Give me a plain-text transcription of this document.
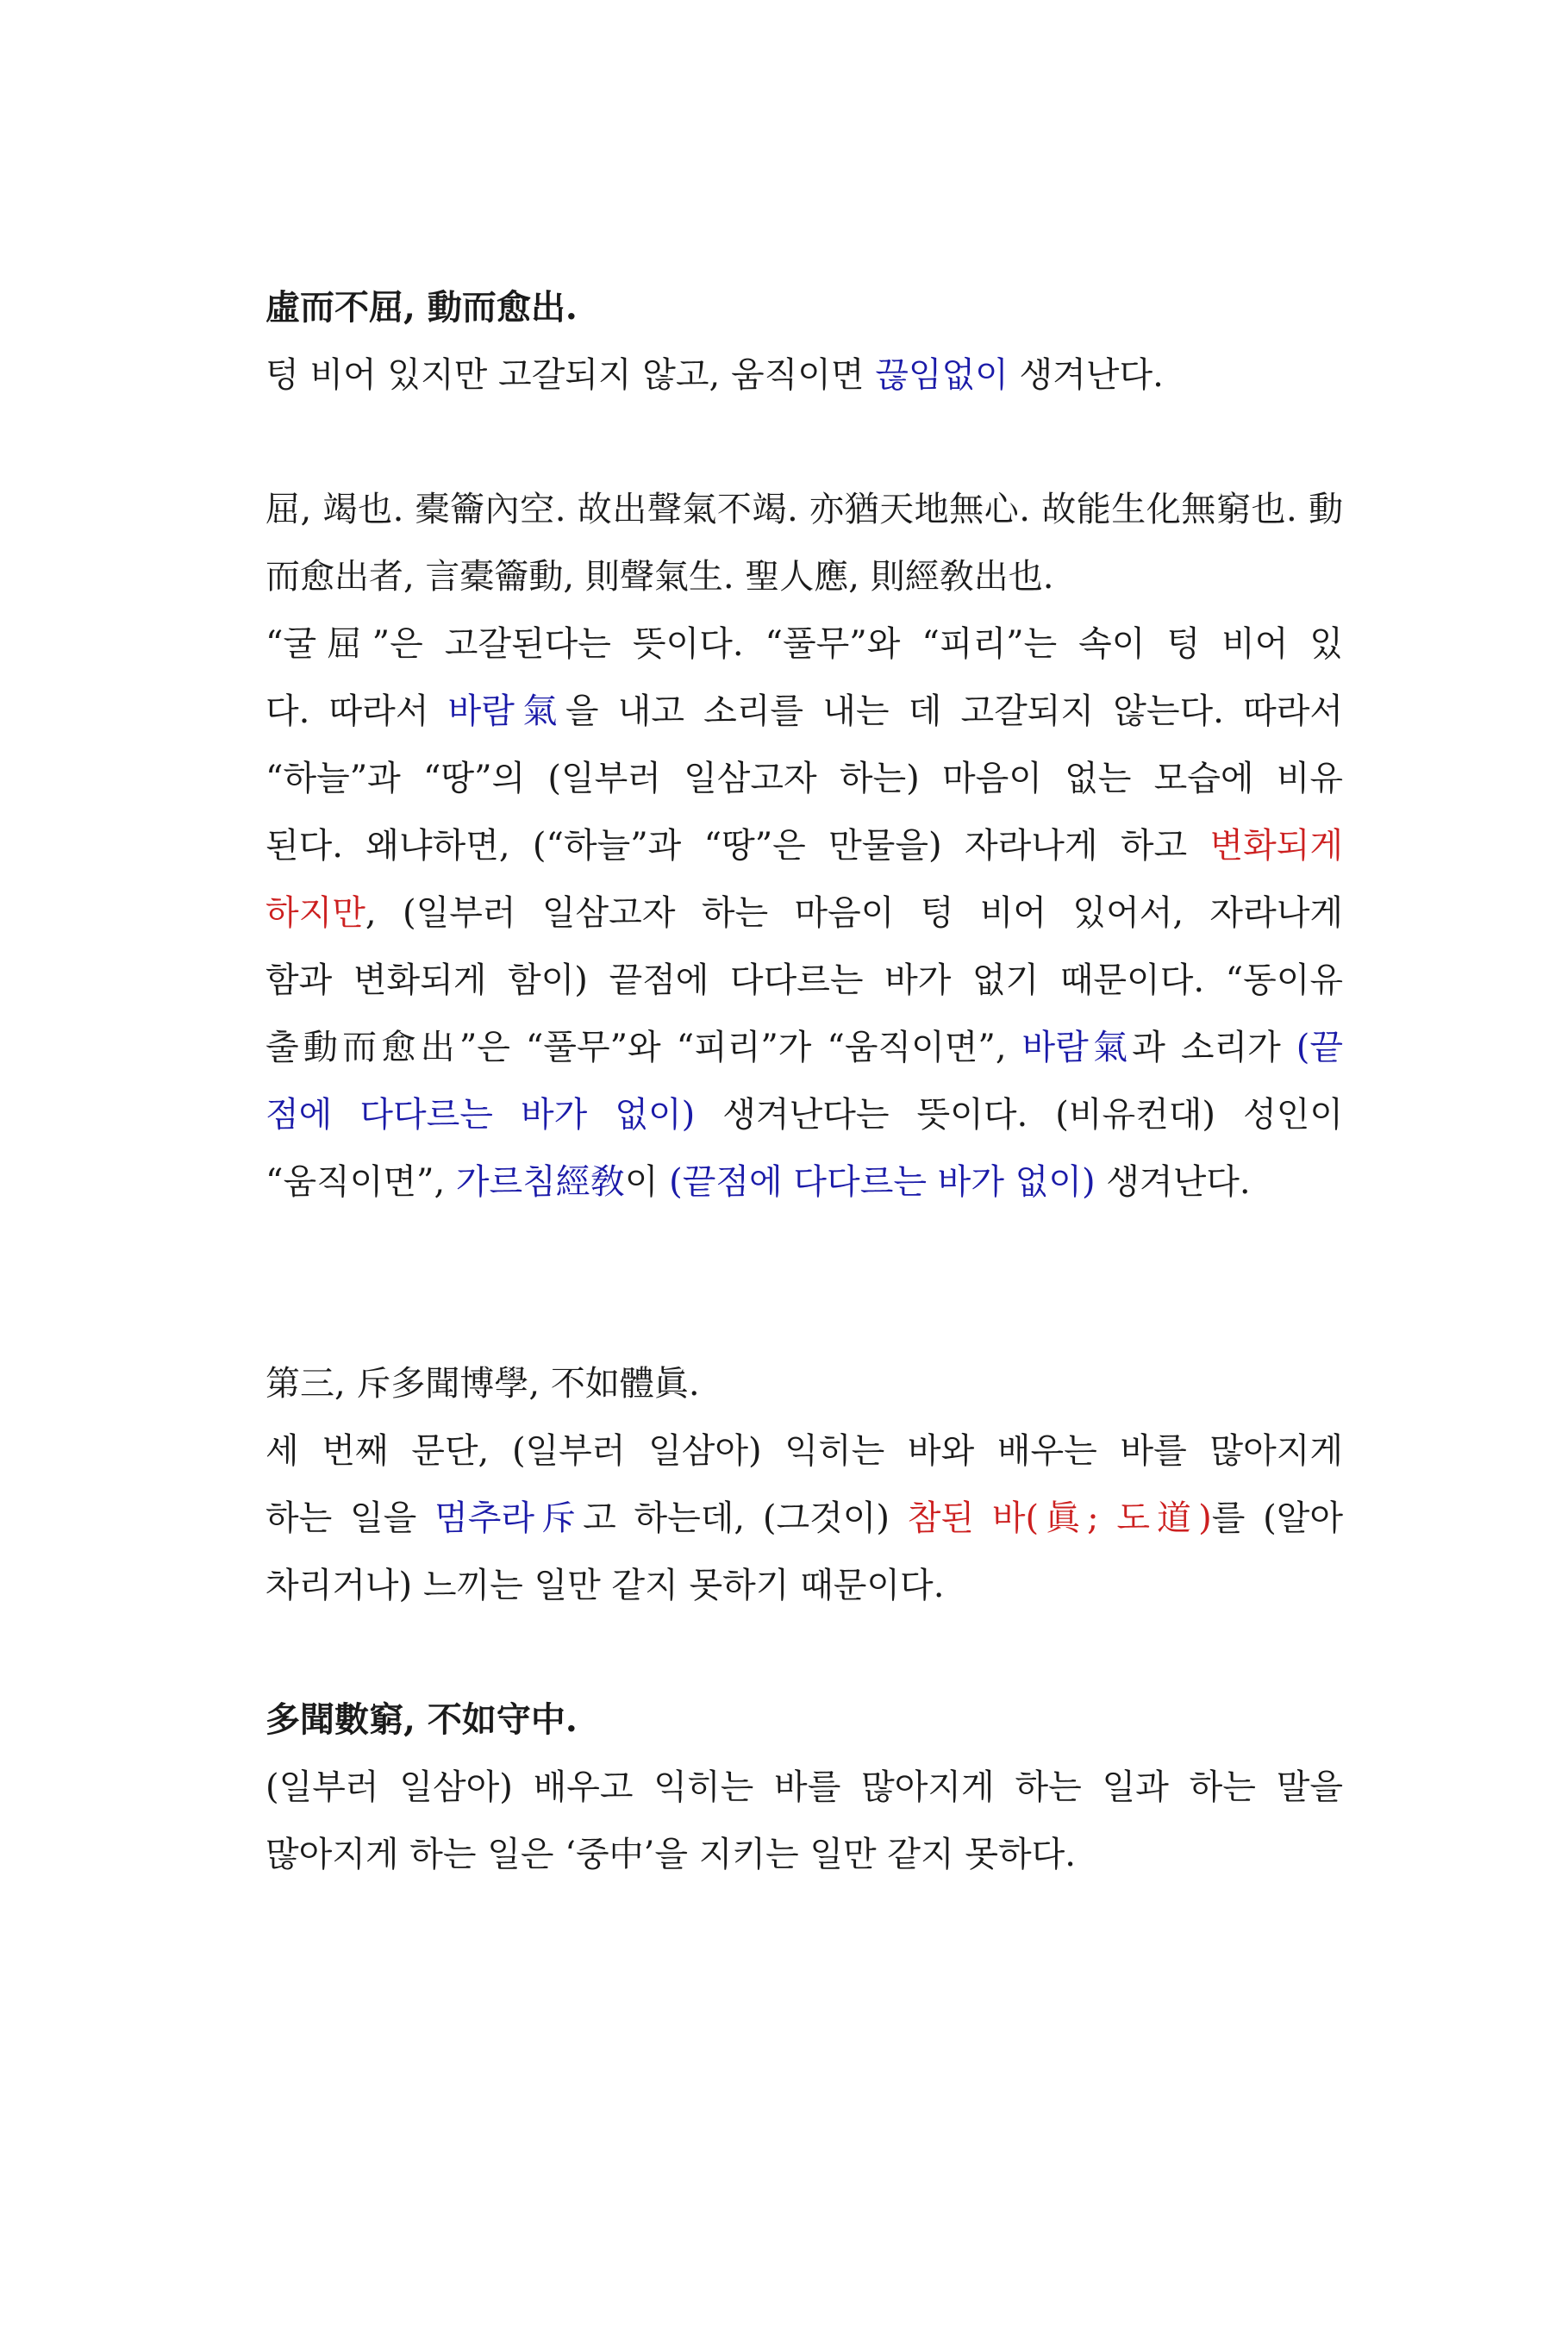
虛而不屈, 動而愈出.
텅 비어 있지만 고갈되지 않고, 움직이면 끊임없이 생겨난다.
屈, 竭也. 橐籥內空. 故出聲氣不竭. 亦猶天地無心. 故能生化無窮也. 動
而愈出者, 言橐籥動, 則聲氣生. 聖人應, 則經敎出也.
“굴屈”은 고갈된다는 뜻이다. “풀무”와 “피리”는 속이 텅 비어 있
다. 따라서 바람氣을 내고 소리를 내는 데 고갈되지 않는다. 따라서
“하늘”과 “땅”의 (일부러 일삼고자 하는) 마음이 없는 모습에 비유
된다. 왜냐하면, (“하늘”과 “땅”은 만물을) 자라나게 하고 변화되게
하지만, (일부러 일삼고자 하는 마음이 텅 비어 있어서, 자라나게
함과 변화되게 함이) 끝점에 다다르는 바가 없기 때문이다. “동이유
출動而愈出”은 “풀무”와 “피리”가 “움직이면”, 바람氣과 소리가 (끝
점에 다다르는 바가 없이) 생겨난다는 뜻이다. (비유컨대) 성인이
“움직이면”, 가르침經敎이 (끝점에 다다르는 바가 없이) 생겨난다.
第三, 斥多聞博學, 不如體眞.
세 번째 문단, (일부러 일삼아) 익히는 바와 배우는 바를 많아지게
하는 일을 멈추라斥고 하는데, (그것이) 참된 바(眞; 도道)를 (알아
차리거나) 느끼는 일만 같지 못하기 때문이다.
多聞數窮, 不如守中.
(일부러 일삼아) 배우고 익히는 바를 많아지게 하는 일과 하는 말을
많아지게 하는 일은 ‘중中’을 지키는 일만 같지 못하다.
